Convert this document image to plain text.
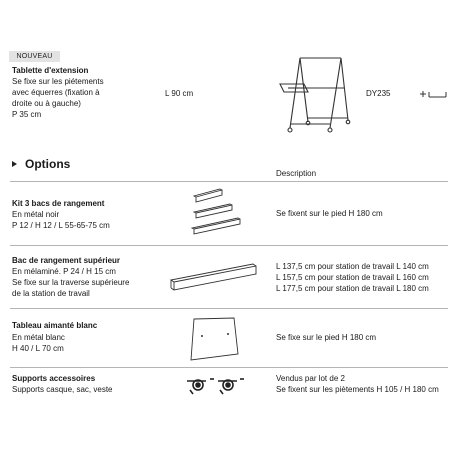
NOUVEAU
Tablette d'extension
Se fixe sur les piétements
avec équerres (fixation à
droite ou à gauche)
P 35 cm
L 90 cm	DY235
Options
Description
Kit 3 bacs de rangement
En métal noir
P 12 / H 12 / L 55-65-75 cm
Se fixent sur le pied H 180 cm
Bac de rangement supérieur
En mélaminé. P 24 / H 15 cm
Se fixe sur la traverse supérieure
de la station de travail
L 137,5 cm pour station de travail L 140 cm
L 157,5 cm pour station de travail L 160 cm
L 177,5 cm pour station de travail L 180 cm
Tableau aimanté blanc
En métal blanc
H 40 / L 70 cm
Se fixe sur le pied H 180 cm
Supports accessoires
Supports casque, sac, veste
Vendus par lot de 2
Se fixent sur les piètements H 105 / H 180 cm
